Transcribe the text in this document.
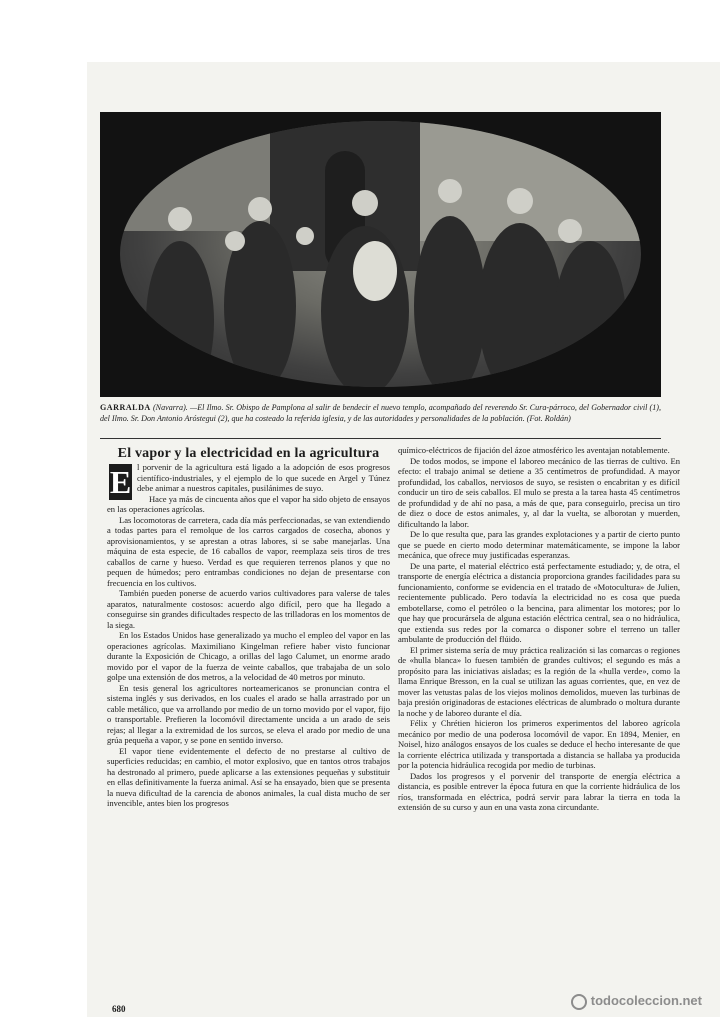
GARRALDA (Navarra). —El Ilmo. Sr. Obispo de Pamplona al salir de bendecir el nuevo templo, acompañado del reverendo Sr. Cura-párroco, del Gobernador civil (1), del Ilmo. Sr. Don Antonio Aróstegui (2), que ha costeado la referida iglesia, y de las autoridades y personalidades de la población. (Fot. Roldán)

El vapor y la electricidad en la agricultura

E l porvenir de la agricultura está ligado a la adopción de esos progresos científico-industriales, y el ejemplo de lo que sucede en Argel y Túnez debe animar a nuestros capitales, pusilánimes de suyo.

Hace ya más de cincuenta años que el vapor ha sido objeto de ensayos en las operaciones agrícolas.

Las locomotoras de carretera, cada día más perfeccionadas, se van extendiendo a todas partes para el remolque de los carros cargados de cosecha, abonos y aprovisionamientos, y se aprestan a otras labores, si se sabe manejarlas. Una máquina de esta especie, de 16 caballos de vapor, reemplaza seis tiros de tres caballos de carne y hueso. Verdad es que requieren terrenos planos y que no pequen de húmedos; pero entrambas condiciones no dejan de presentarse con frecuencia en los cultivos.

También pueden ponerse de acuerdo varios cultivadores para valerse de tales aparatos, naturalmente costosos: acuerdo algo difícil, pero que ha llegado a conseguirse sin grandes dificultades respecto de las trilladoras en los momentos de la siega.

En los Estados Unidos hase generalizado ya mucho el empleo del vapor en las operaciones agrícolas. Maximiliano Kingelman refiere haber visto funcionar durante la Exposición de Chicago, a orillas del lago Calumet, un enorme arado movido por el vapor de la fuerza de veinte caballos, que trabajaba de un solo golpe una extensión de dos metros, a la velocidad de 40 metros por minuto.

En tesis general los agricultores norteamericanos se pronuncian contra el sistema inglés y sus derivados, en los cuales el arado se halla arrastrado por un cable metálico, que va arrollando por medio de un torno movido por el vapor, fijo o transportable. Prefieren la locomóvil directamente uncida a un arado de seis rejas; al llegar a la extremidad de los surcos, se eleva el arado por medio de una grúa pequeña a vapor, y se pone en sentido inverso.

El vapor tiene evidentemente el defecto de no prestarse al cultivo de superficies reducidas; en cambio, el motor explosivo, que en tantos otros trabajos ha destronado al primero, puede aplicarse a las extensiones pequeñas y substituir en ellas definitivamente la fuerza animal. Así se ha ensayado, bien que se presenta la nueva dificultad de la carencia de abonos animales, la cual dista mucho de ser invencible, antes bien los progresos

químico-eléctricos de fijación del ázoe atmosférico les aventajan notablemente.

De todos modos, se impone el laboreo mecánico de las tierras de cultivo. En efecto: el trabajo animal se detiene a 35 centímetros de profundidad. A mayor profundidad, los caballos, nerviosos de suyo, se resisten o encabritan y es difícil conducir un tiro de seis caballos. El mulo se presta a la tarea hasta 45 centímetros de profundidad y de ahí no pasa, a más de que, para conseguirlo, precisa un tiro de diez o doce de estos animales, y, al dar la vuelta, se alborotan y muerden, dificultando la labor.

De lo que resulta que, para las grandes explotaciones y a partir de cierto punto que se puede en cierto modo determinar matemáticamente, se impone la labor mecánica, que ofrece muy justificadas esperanzas.

De una parte, el material eléctrico está perfectamente estudiado; y, de otra, el transporte de energía eléctrica a distancia proporciona grandes facilidades para su funcionamiento, conforme se evidencia en el tratado de «Motocultura» de Julien, recientemente publicado. Pero todavía la electricidad no es cosa que pueda embotellarse, como el petróleo o la bencina, para alimentar los motores; por lo que hay que procurársela de alguna estación eléctrica central, sea o no hidráulica, que extienda sus redes por la comarca o disponer sobre el terreno un taller ambulante de producción del flúido.

El primer sistema sería de muy práctica realización si las comarcas o regiones de «hulla blanca» lo fuesen también de grandes cultivos; el segundo es más a propósito para las iniciativas aisladas; es la región de la «hulla verde», como la llama Enrique Bresson, en la cual se utilizan las aguas corrientes, que, en vez de mover las vetustas palas de los viejos molinos demolidos, mueven las turbinas de baja presión originadoras de estaciones eléctricas de alumbrado o moltura durante la noche y de laboreo durante el día.

Félix y Chrétien hicieron los primeros experimentos del laboreo agrícola mecánico por medio de una poderosa locomóvil de vapor. En 1894, Menier, en Noisel, hizo análogos ensayos de los cuales se deduce el hecho interesante de que la corriente eléctrica utilizada y transportada a distancia se hallaba ya producida por la potencia hidráulica recogida por medio de turbinas.

Dados los progresos y el porvenir del transporte de energía eléctrica a distancia, es posible entrever la época futura en que la corriente hidráulica de los ríos, transformada en eléctrica, podrá servir para labrar la tierra en toda la extensión de su curso y aun en una vasta zona circundante.

680
todocoleccion.net
